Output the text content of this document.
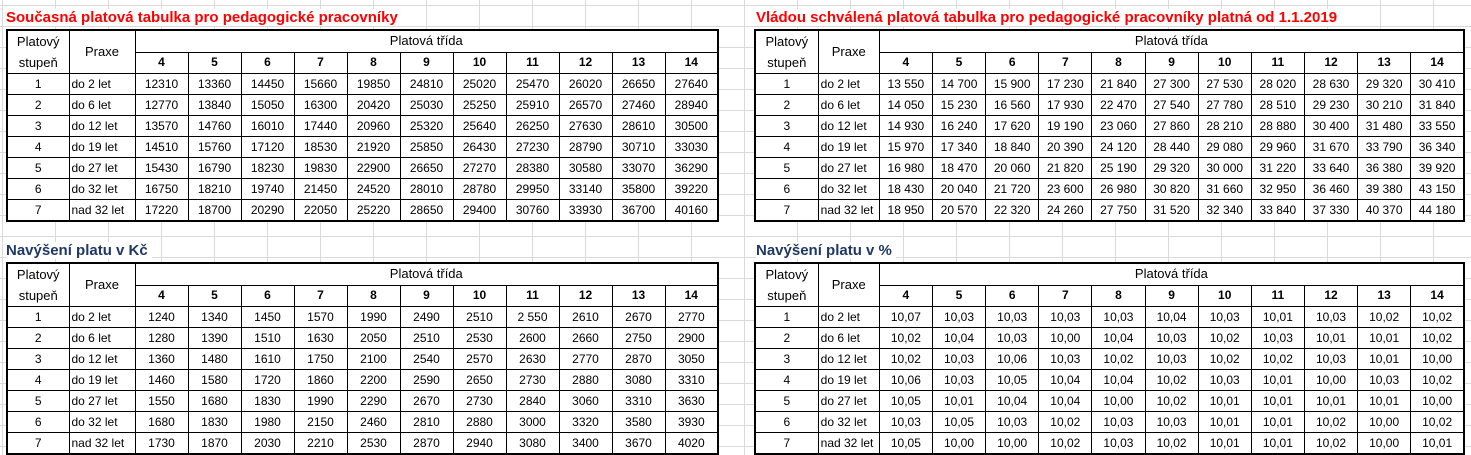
Současná platová tabulka pro pedagogické pracovníky
Platový stupeň	Praxe	Platová třída										
		4	5	6	7	8	9	10	11	12	13	14
1	do 2 let	12310	13360	14450	15660	19850	24810	25020	25470	26020	26650	27640
2	do 6 let	12770	13840	15050	16300	20420	25030	25250	25910	26570	27460	28940
3	do 12 let	13570	14760	16010	17440	20960	25320	25640	26250	27630	28610	30500
4	do 19 let	14510	15760	17120	18530	21920	25850	26430	27230	28790	30710	33030
5	do 27 let	15430	16790	18230	19830	22900	26650	27270	28380	30580	33070	36290
6	do 32 let	16750	18210	19740	21450	24520	28010	28780	29950	33140	35800	39220
7	nad 32 let	17220	18700	20290	22050	25220	28650	29400	30760	33930	36700	40160
Vládou schválená platová tabulka pro pedagogické pracovníky platná od 1.1.2019
Platový stupeň	Praxe	Platová třída										
		4	5	6	7	8	9	10	11	12	13	14
1	do 2 let	13 550	14 700	15 900	17 230	21 840	27 300	27 530	28 020	28 630	29 320	30 410
2	do 6 let	14 050	15 230	16 560	17 930	22 470	27 540	27 780	28 510	29 230	30 210	31 840
3	do 12 let	14 930	16 240	17 620	19 190	23 060	27 860	28 210	28 880	30 400	31 480	33 550
4	do 19 let	15 970	17 340	18 840	20 390	24 120	28 440	29 080	29 960	31 670	33 790	36 340
5	do 27 let	16 980	18 470	20 060	21 820	25 190	29 320	30 000	31 220	33 640	36 380	39 920
6	do 32 let	18 430	20 040	21 720	23 600	26 980	30 820	31 660	32 950	36 460	39 380	43 150
7	nad 32 let	18 950	20 570	22 320	24 260	27 750	31 520	32 340	33 840	37 330	40 370	44 180
Navýšení platu v Kč
Platový stupeň	Praxe	Platová třída										
		4	5	6	7	8	9	10	11	12	13	14
1	do 2 let	1240	1340	1450	1570	1990	2490	2510	2 550	2610	2670	2770
2	do 6 let	1280	1390	1510	1630	2050	2510	2530	2600	2660	2750	2900
3	do 12 let	1360	1480	1610	1750	2100	2540	2570	2630	2770	2870	3050
4	do 19 let	1460	1580	1720	1860	2200	2590	2650	2730	2880	3080	3310
5	do 27 let	1550	1680	1830	1990	2290	2670	2730	2840	3060	3310	3630
6	do 32 let	1680	1830	1980	2150	2460	2810	2880	3000	3320	3580	3930
7	nad 32 let	1730	1870	2030	2210	2530	2870	2940	3080	3400	3670	4020
Navýšení platu v %
Platový stupeň	Praxe	Platová třída										
		4	5	6	7	8	9	10	11	12	13	14
1	do 2 let	10,07	10,03	10,03	10,03	10,03	10,04	10,03	10,01	10,03	10,02	10,02
2	do 6 let	10,02	10,04	10,03	10,00	10,04	10,03	10,02	10,03	10,01	10,01	10,02
3	do 12 let	10,02	10,03	10,06	10,03	10,02	10,03	10,02	10,02	10,03	10,01	10,00
4	do 19 let	10,06	10,03	10,05	10,04	10,04	10,02	10,03	10,01	10,00	10,03	10,02
5	do 27 let	10,05	10,01	10,04	10,04	10,00	10,02	10,01	10,01	10,01	10,01	10,00
6	do 32 let	10,03	10,05	10,03	10,02	10,03	10,03	10,01	10,01	10,02	10,00	10,02
7	nad 32 let	10,05	10,00	10,00	10,02	10,03	10,02	10,01	10,01	10,02	10,00	10,01
